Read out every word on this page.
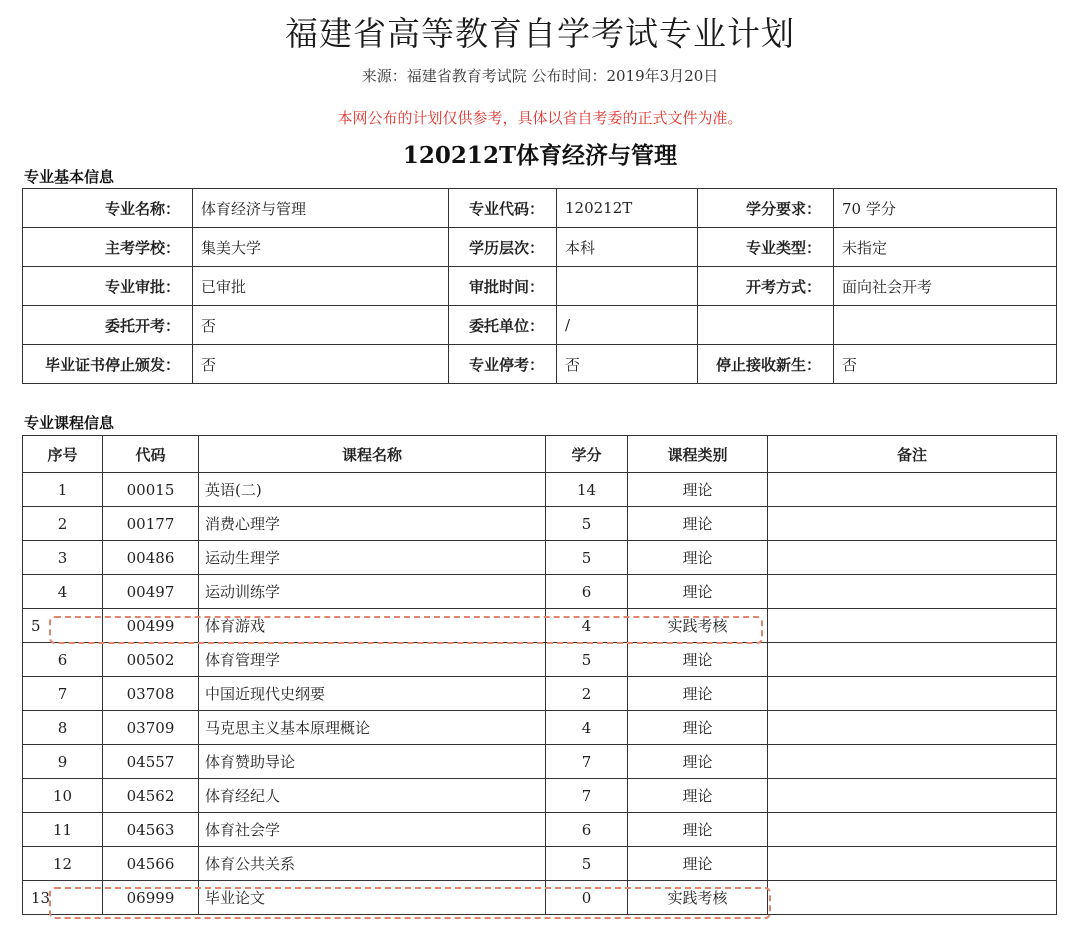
福建省高等教育自学考试专业计划
来源：福建省教育考试院 公布时间：2019年3月20日
本网公布的计划仅供参考，具体以省自考委的正式文件为准。
120212T体育经济与管理
专业基本信息
专业名称：	体育经济与管理	专业代码：	120212T	学分要求：	70 学分
主考学校：	集美大学	学历层次：	本科	专业类型：	未指定
专业审批：	已审批	审批时间：		开考方式：	面向社会开考
委托开考：	否	委托单位：	/		
毕业证书停止颁发：	否	专业停考：	否	停止接收新生：	否
专业课程信息
序号	代码	课程名称	学分	课程类别	备注
1	00015	英语(二)	14	理论	
2	00177	消费心理学	5	理论	
3	00486	运动生理学	5	理论	
4	00497	运动训练学	6	理论	
5	00499	体育游戏	4	实践考核	
6	00502	体育管理学	5	理论	
7	03708	中国近现代史纲要	2	理论	
8	03709	马克思主义基本原理概论	4	理论	
9	04557	体育赞助导论	7	理论	
10	04562	体育经纪人	7	理论	
11	04563	体育社会学	6	理论	
12	04566	体育公共关系	5	理论	
13	06999	毕业论文	0	实践考核	
